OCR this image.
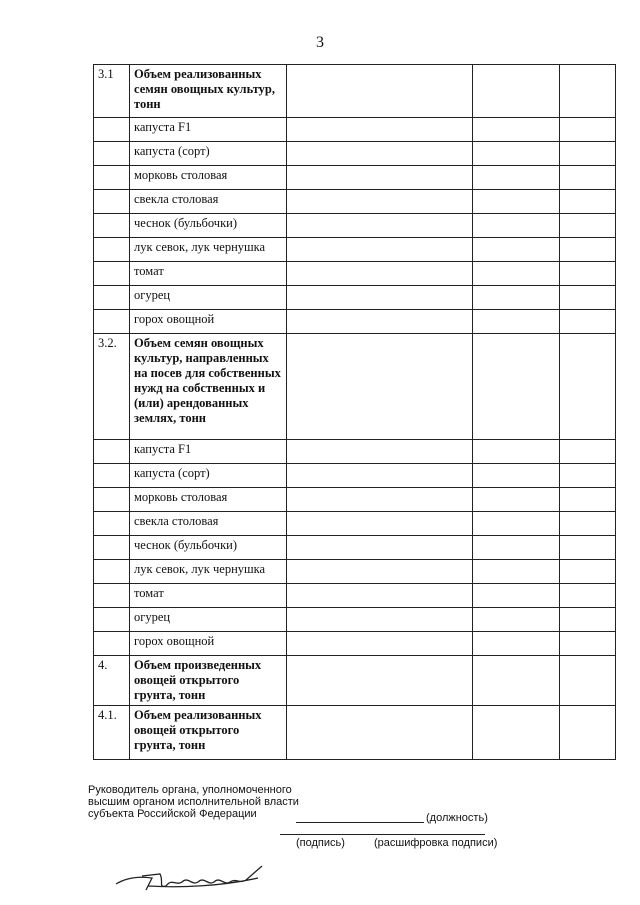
3
3.1	Объем реализованных семян овощных культур, тонн			
	капуста F1			
	капуста (сорт)			
	морковь столовая			
	свекла столовая			
	чеснок (бульбочки)			
	лук севок, лук чернушка			
	томат			
	огурец			
	горох овощной			
3.2.	Объем семян овощных культур, направленных на посев для собственных нужд на собственных и (или) арендованных землях, тонн			
	капуста F1			
	капуста (сорт)			
	морковь столовая			
	свекла столовая			
	чеснок (бульбочки)			
	лук севок, лук чернушка			
	томат			
	огурец			
	горох овощной			
4.	Объем произведенных овощей открытого грунта, тонн			
4.1.	Объем реализованных овощей открытого грунта, тонн			
Руководитель органа, уполномоченного
высшим органом исполнительной власти
субъекта Российской Федерации	(должность)
(подпись)	(расшифровка подписи)
